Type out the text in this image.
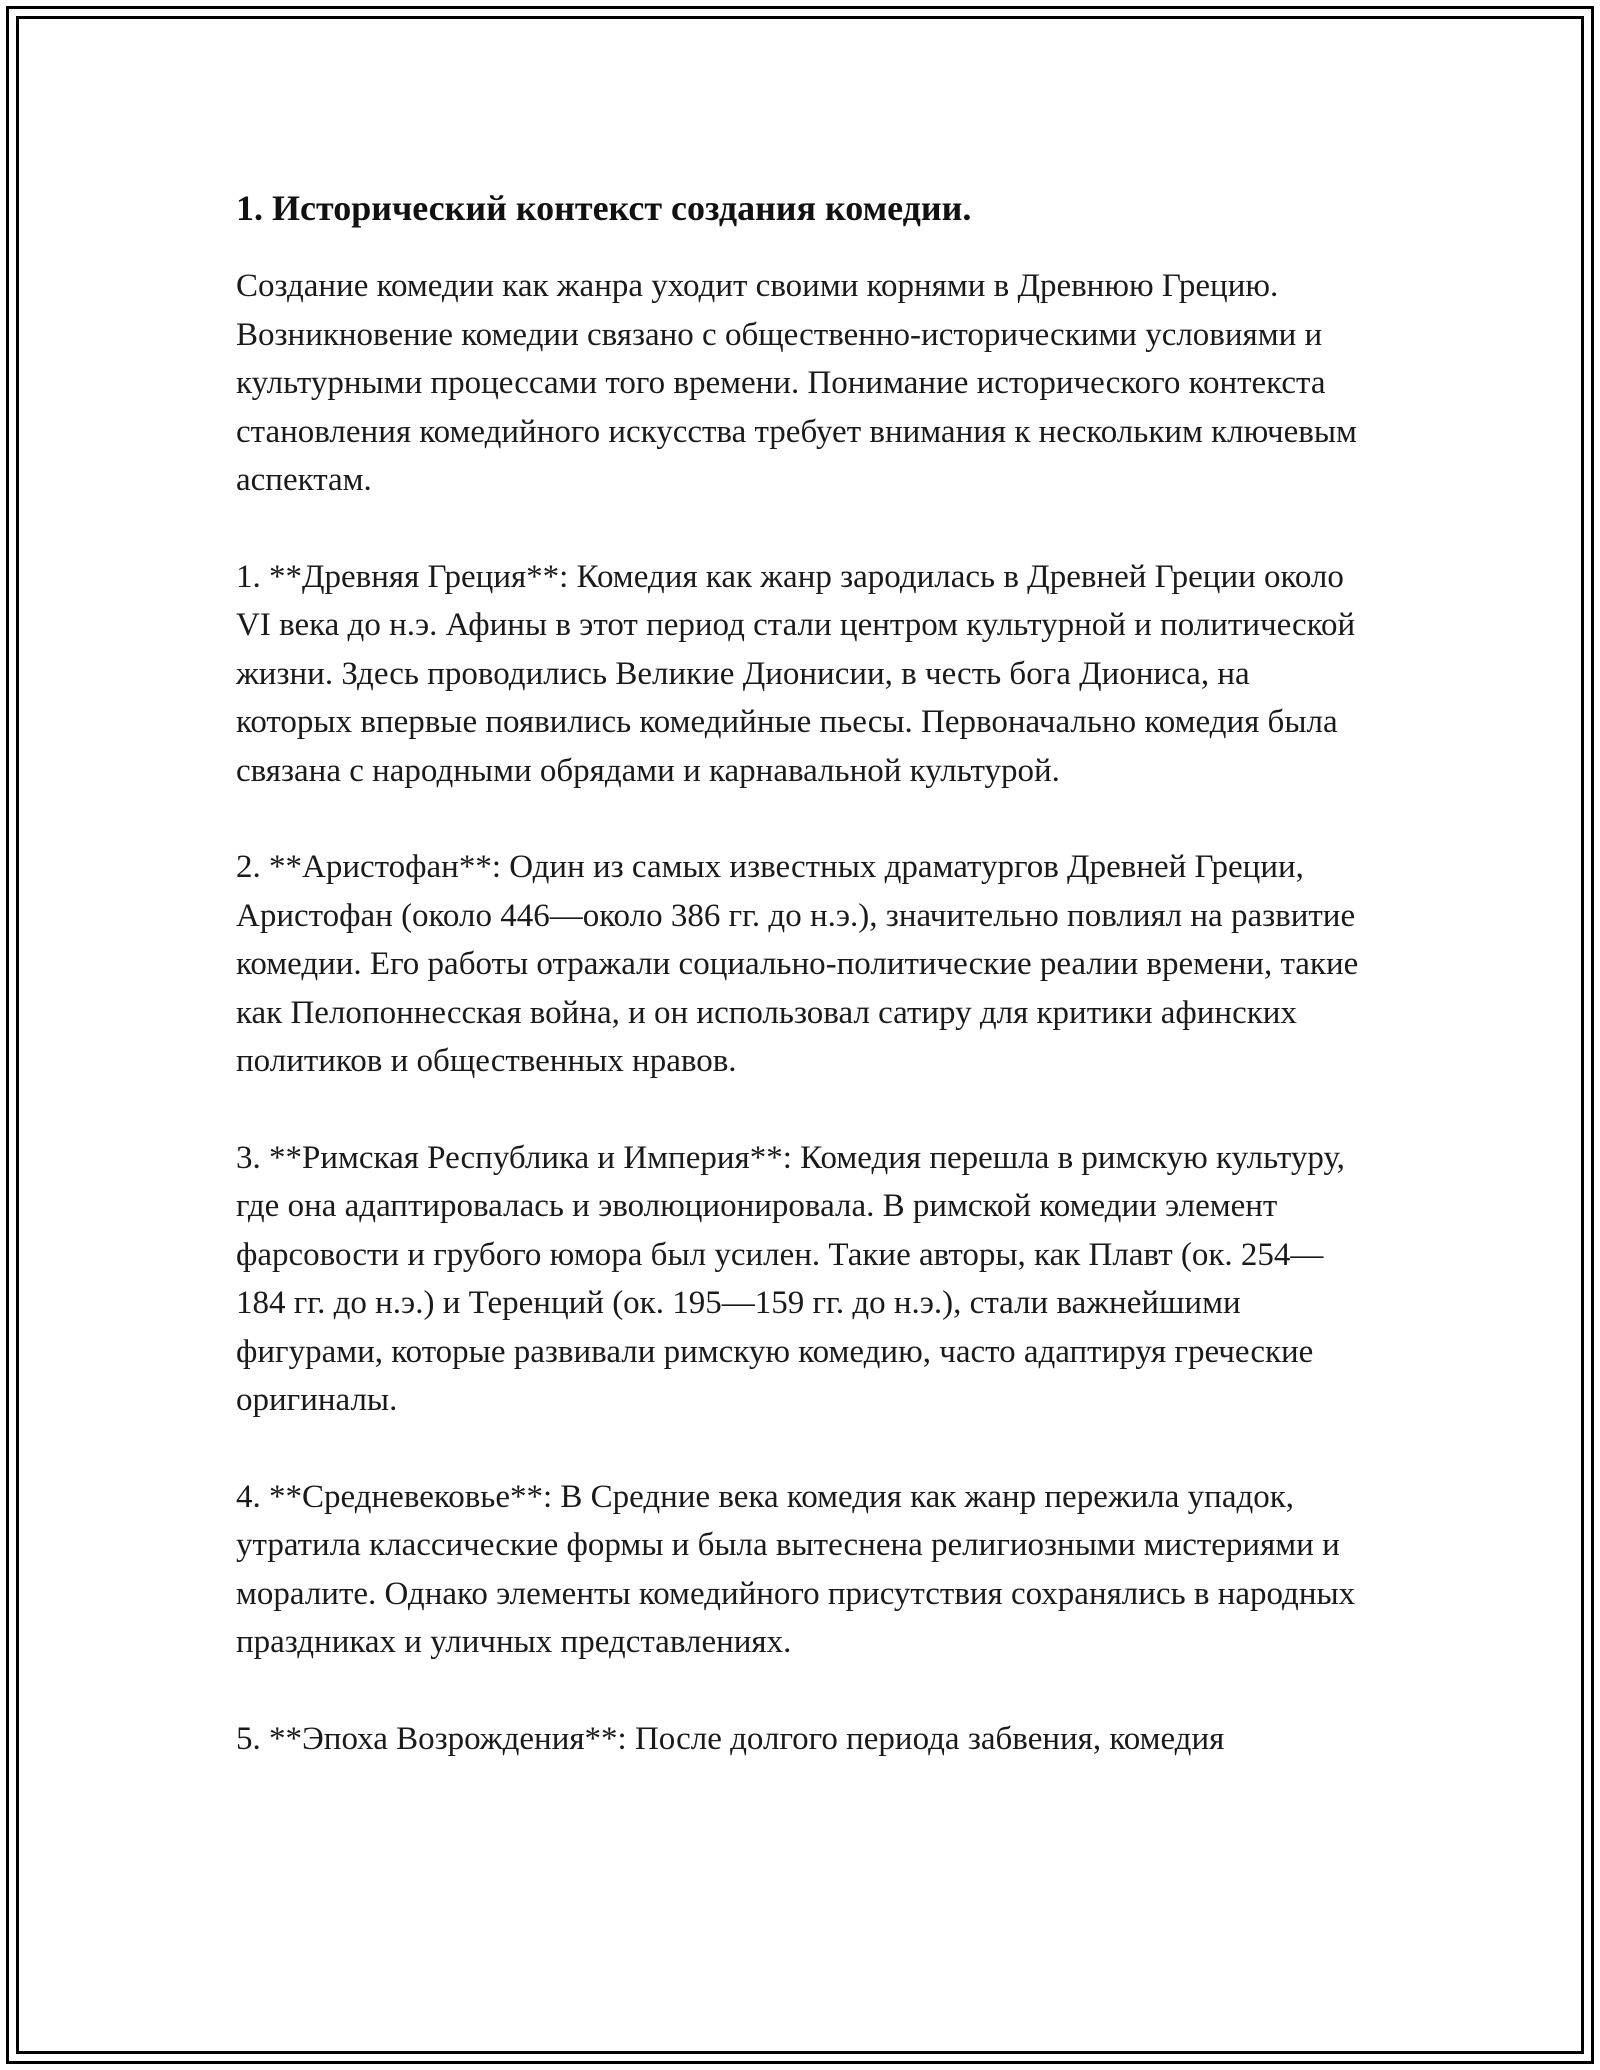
1. Исторический контекст создания комедии.

Создание комедии как жанра уходит своими корнями в Древнюю Грецию. Возникновение комедии связано с общественно-историческими условиями и культурными процессами того времени. Понимание исторического контекста становления комедийного искусства требует внимания к нескольким ключевым аспектам.

1. **Древняя Греция**: Комедия как жанр зародилась в Древней Греции около VI века до н.э. Афины в этот период стали центром культурной и политической жизни. Здесь проводились Великие Дионисии, в честь бога Диониса, на которых впервые появились комедийные пьесы. Первоначально комедия была связана с народными обрядами и карнавальной культурой.

2. **Аристофан**: Один из самых известных драматургов Древней Греции, Аристофан (около 446—около 386 гг. до н.э.), значительно повлиял на развитие комедии. Его работы отражали социально-политические реалии времени, такие как Пелопоннесская война, и он использовал сатиру для критики афинских политиков и общественных нравов.

3. **Римская Республика и Империя**: Комедия перешла в римскую культуру, где она адаптировалась и эволюционировала. В римской комедии элемент фарсовости и грубого юмора был усилен. Такие авторы, как Плавт (ок. 254—184 гг. до н.э.) и Теренций (ок. 195—159 гг. до н.э.), стали важнейшими фигурами, которые развивали римскую комедию, часто адаптируя греческие оригиналы.

4. **Средневековье**: В Средние века комедия как жанр пережила упадок, утратила классические формы и была вытеснена религиозными мистериями и моралите. Однако элементы комедийного присутствия сохранялись в народных праздниках и уличных представлениях.

5. **Эпоха Возрождения**: После долгого периода забвения, комедия
